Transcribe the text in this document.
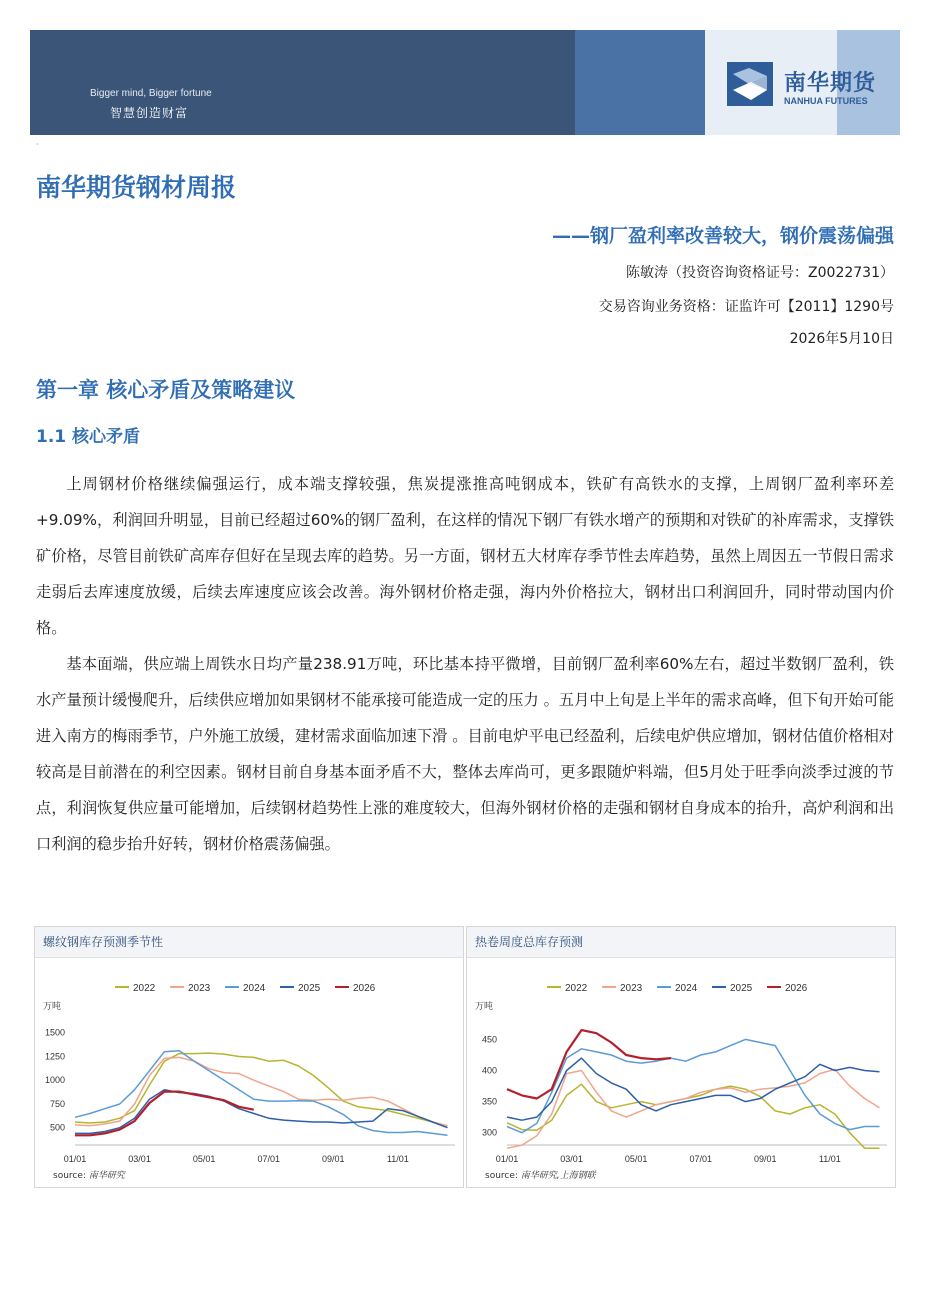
Bigger mind, Bigger fortune
智慧创造财富
南华期货
NANHUA FUTURES
·
南华期货钢材周报
——钢厂盈利率改善较大，钢价震荡偏强
陈敏涛（投资咨询资格证号：Z0022731）
交易咨询业务资格：证监许可【2011】1290号
2026年5月10日
第一章 核心矛盾及策略建议
1.1 核心矛盾
上周钢材价格继续偏强运行，成本端支撑较强，焦炭提涨推高吨钢成本，铁矿有高铁水的支撑，上周钢厂盈利率环差+9.09%，利润回升明显，目前已经超过60%的钢厂盈利，在这样的情况下钢厂有铁水增产的预期和对铁矿的补库需求，支撑铁矿价格，尽管目前铁矿高库存但好在呈现去库的趋势。另一方面，钢材五大材库存季节性去库趋势，虽然上周因五一节假日需求走弱后去库速度放缓，后续去库速度应该会改善。海外钢材价格走强，海内外价格拉大，钢材出口利润回升，同时带动国内价格。
基本面端，供应端上周铁水日均产量238.91万吨，环比基本持平微增，目前钢厂盈利率60%左右，超过半数钢厂盈利，铁水产量预计缓慢爬升，后续供应增加如果钢材不能承接可能造成一定的压力 。五月中上旬是上半年的需求高峰，但下旬开始可能进入南方的梅雨季节，户外施工放缓，建材需求面临加速下滑 。目前电炉平电已经盈利，后续电炉供应增加，钢材估值价格相对较高是目前潜在的利空因素。钢材目前自身基本面矛盾不大，整体去库尚可，更多跟随炉料端，但5月处于旺季向淡季过渡的节点，利润恢复供应量可能增加，后续钢材趋势性上涨的难度较大，但海外钢材价格的走强和钢材自身成本的抬升，高炉利润和出口利润的稳步抬升好转，钢材价格震荡偏强。
螺纹钢库存预测季节性
2022	2023	2024	2025	2026
万吨
500
750
1000
1250
1500
01/01	03/01	05/01	07/01	09/01	11/01
source: 南华研究
热卷周度总库存预测
2022	2023	2024	2025	2026
万吨
300
350
400
450
01/01	03/01	05/01	07/01	09/01	11/01
source: 南华研究,上海钢联
